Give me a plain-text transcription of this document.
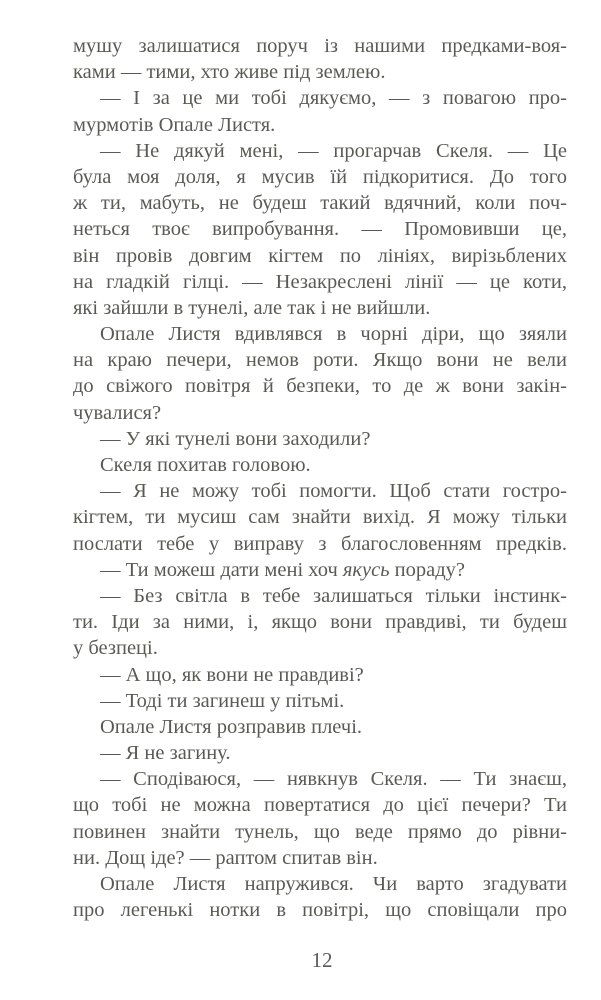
мушу залишатися поруч із нашими предками-воя-
ками — тими, хто живе під землею.
— І за це ми тобі дякуємо, — з повагою про-
мурмотів Опале Листя.
— Не дякуй мені, — прогарчав Скеля. — Це
була моя доля, я мусив їй підкоритися. До того
ж ти, мабуть, не будеш такий вдячний, коли поч-
неться твоє випробування. — Промовивши це,
він провів довгим кігтем по лініях, вирізьблених
на гладкій гілці. — Незакреслені лінії — це коти,
які зайшли в тунелі, але так і не вийшли.
Опале Листя вдивлявся в чорні діри, що зяяли
на краю печери, немов роти. Якщо вони не вели
до свіжого повітря й безпеки, то де ж вони закін-
чувалися?
— У які тунелі вони заходили?
Скеля похитав головою.
— Я не можу тобі помогти. Щоб стати гостро-
кігтем, ти мусиш сам знайти вихід. Я можу тільки
послати тебе у виправу з благословенням предків.
— Ти можеш дати мені хоч якусь пораду?
— Без світла в тебе залишаться тільки інстинк-
ти. Іди за ними, і, якщо вони правдиві, ти будеш
у безпеці.
— А що, як вони не правдиві?
— Тоді ти загинеш у пітьмі.
Опале Листя розправив плечі.
— Я не загину.
— Сподіваюся, — нявкнув Скеля. — Ти знаєш,
що тобі не можна повертатися до цієї печери? Ти
повинен знайти тунель, що веде прямо до рівни-
ни. Дощ іде? — раптом спитав він.
Опале Листя напружився. Чи варто згадувати
про легенькі нотки в повітрі, що сповіщали про
12
